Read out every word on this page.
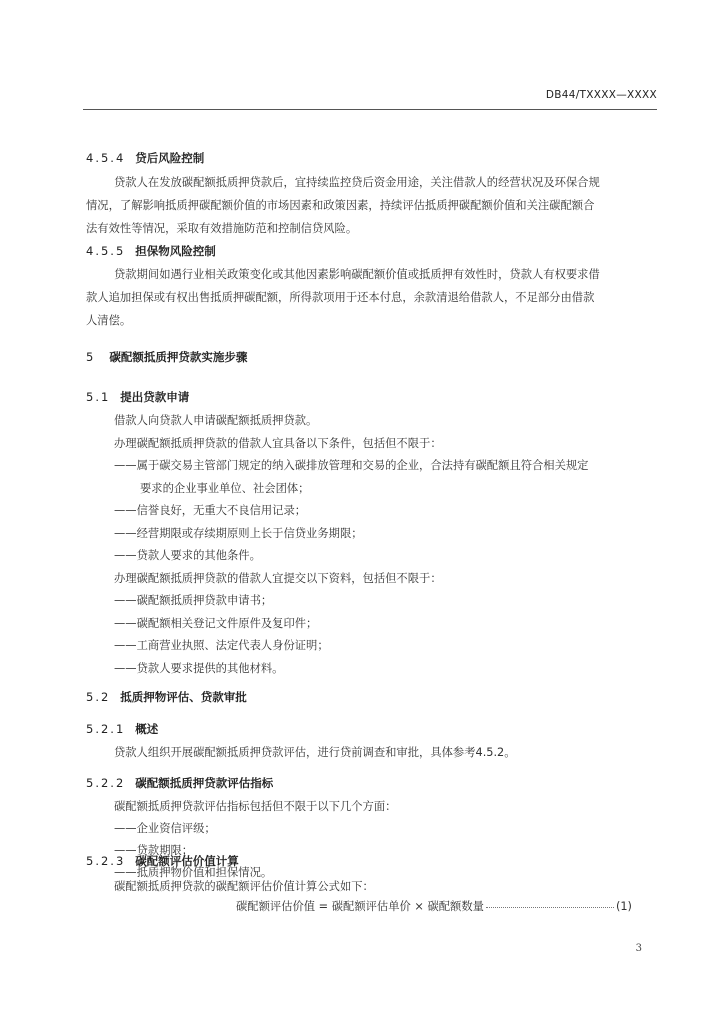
DB44/TXXXX—XXXX
4.5.4 贷后风险控制
贷款人在发放碳配额抵质押贷款后，宜持续监控贷后资金用途，关注借款人的经营状况及环保合规
情况，了解影响抵质押碳配额价值的市场因素和政策因素，持续评估抵质押碳配额价值和关注碳配额合
法有效性等情况，采取有效措施防范和控制信贷风险。
4.5.5 担保物风险控制
贷款期间如遇行业相关政策变化或其他因素影响碳配额价值或抵质押有效性时，贷款人有权要求借
款人追加担保或有权出售抵质押碳配额，所得款项用于还本付息，余款清退给借款人，不足部分由借款
人清偿。
5 碳配额抵质押贷款实施步骤
5.1 提出贷款申请
借款人向贷款人申请碳配额抵质押贷款。
办理碳配额抵质押贷款的借款人宜具备以下条件，包括但不限于：
——属于碳交易主管部门规定的纳入碳排放管理和交易的企业，合法持有碳配额且符合相关规定
要求的企业事业单位、社会团体；
——信誉良好，无重大不良信用记录；
——经营期限或存续期原则上长于信贷业务期限；
——贷款人要求的其他条件。
办理碳配额抵质押贷款的借款人宜提交以下资料，包括但不限于：
——碳配额抵质押贷款申请书；
——碳配额相关登记文件原件及复印件；
——工商营业执照、法定代表人身份证明；
——贷款人要求提供的其他材料。
5.2 抵质押物评估、贷款审批
5.2.1 概述
贷款人组织开展碳配额抵质押贷款评估，进行贷前调查和审批，具体参考4.5.2。
5.2.2 碳配额抵质押贷款评估指标
碳配额抵质押贷款评估指标包括但不限于以下几个方面：
——企业资信评级；
——贷款期限；
——抵质押物价值和担保情况。
5.2.3 碳配额评估价值计算
碳配额抵质押贷款的碳配额评估价值计算公式如下：
碳配额评估价值 = 碳配额评估单价 × 碳配额数量	(1)
3
